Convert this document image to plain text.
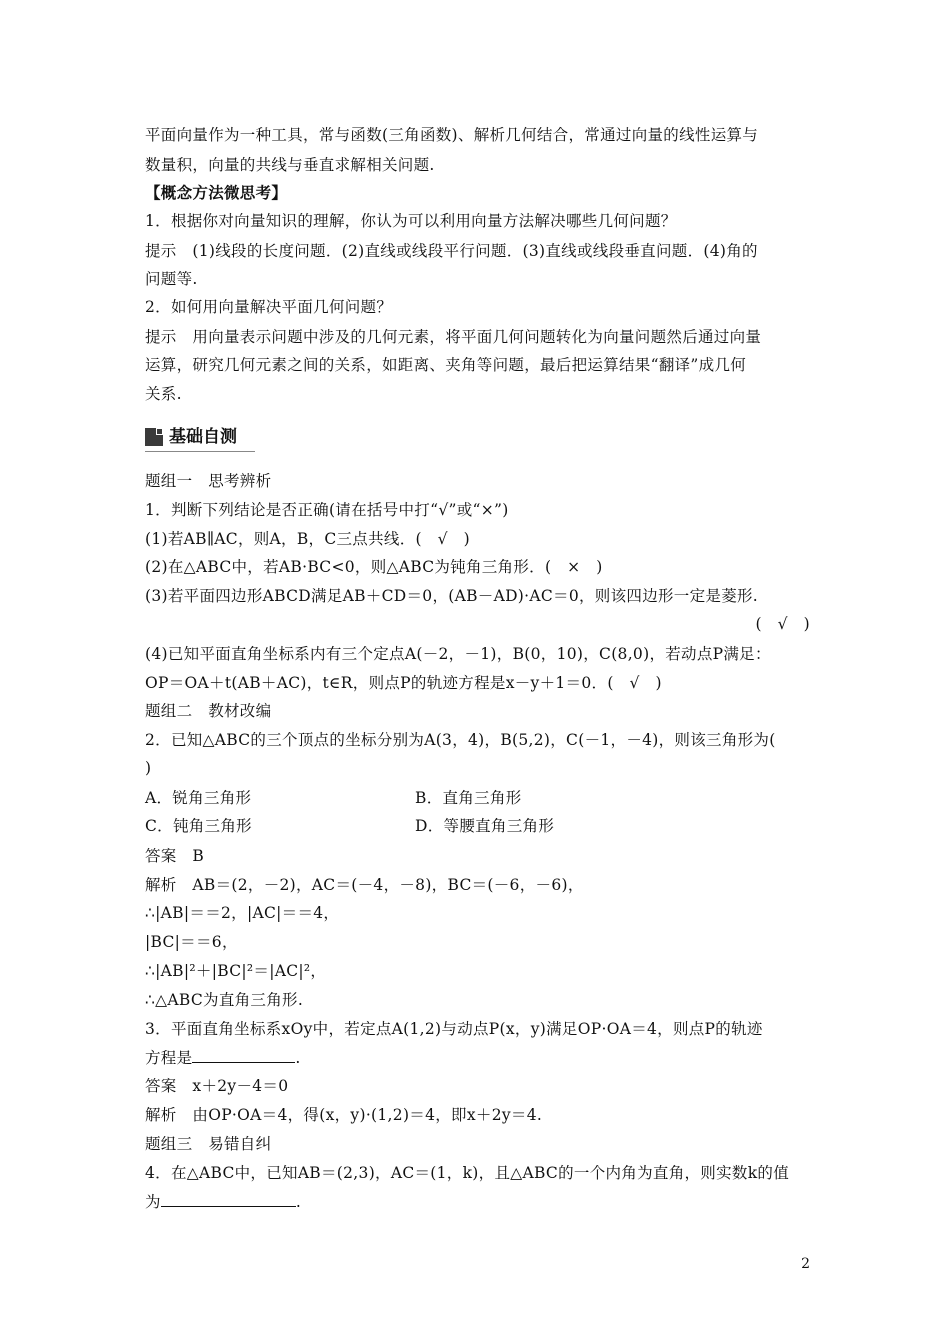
平面向量作为一种工具，常与函数(三角函数)、解析几何结合，常通过向量的线性运算与
数量积，向量的共线与垂直求解相关问题.
【概念方法微思考】
1．根据你对向量知识的理解，你认为可以利用向量方法解决哪些几何问题？
提示　(1)线段的长度问题．(2)直线或线段平行问题．(3)直线或线段垂直问题．(4)角的
问题等.
2．如何用向量解决平面几何问题？
提示　用向量表示问题中涉及的几何元素，将平面几何问题转化为向量问题然后通过向量
运算，研究几何元素之间的关系，如距离、夹角等问题，最后把运算结果“翻译”成几何
关系.
基础自测
题组一　思考辨析
1．判断下列结论是否正确(请在括号中打“√”或“×”)
(1)若AB∥AC，则A，B，C三点共线．(　√　)
(2)在△ABC中，若AB·BC<0，则△ABC为钝角三角形．(　×　)
(3)若平面四边形ABCD满足AB＋CD＝0，(AB－AD)·AC＝0，则该四边形一定是菱形.
(　√　)
(4)已知平面直角坐标系内有三个定点A(－2，－1)，B(0，10)，C(8,0)，若动点P满足：
OP＝OA＋t(AB＋AC)，t∈R，则点P的轨迹方程是x－y＋1＝0．(　√　)
题组二　教材改编
2．已知△ABC的三个顶点的坐标分别为A(3，4)，B(5,2)，C(－1，－4)，则该三角形为(
)
A．锐角三角形	B．直角三角形
C．钝角三角形	D．等腰直角三角形
答案　B
解析　AB＝(2，－2)，AC＝(－4，－8)，BC＝(－6，－6)，
∴|AB|＝＝2，|AC|＝＝4，
|BC|＝＝6，
∴|AB|²＋|BC|²＝|AC|²，
∴△ABC为直角三角形.
3．平面直角坐标系xOy中，若定点A(1,2)与动点P(x，y)满足OP·OA＝4，则点P的轨迹
方程是	.
答案　x＋2y－4＝0
解析　由OP·OA＝4，得(x，y)·(1,2)＝4，即x＋2y＝4.
题组三　易错自纠
4．在△ABC中，已知AB＝(2,3)，AC＝(1，k)，且△ABC的一个内角为直角，则实数k的值
为	.
2
